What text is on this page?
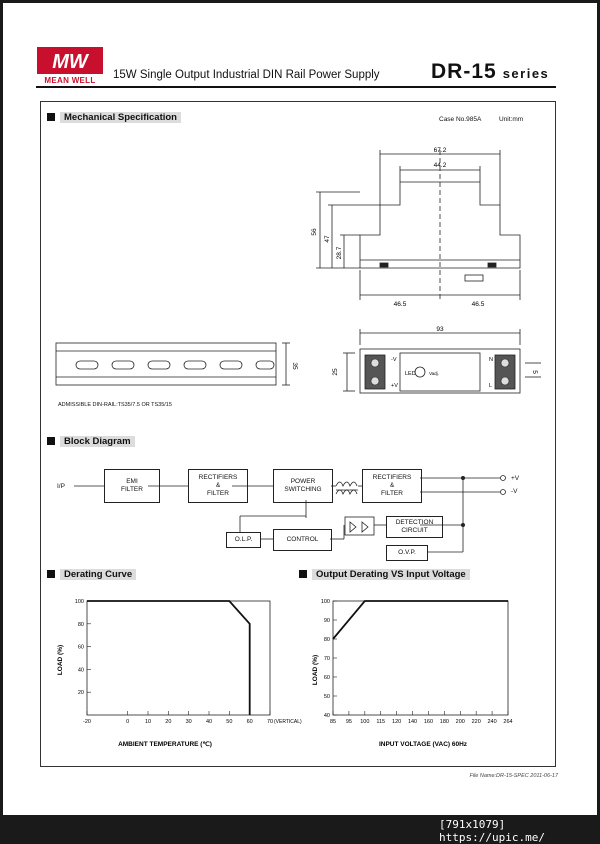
MW
MEAN WELL	15W Single Output Industrial DIN Rail Power Supply DR-15 series
Mechanical Specification	Case No.985A	Unit:mm
67.2
44.2
56
47
28.7
46.5	46.5
35
ADMISSIBLE DIN-RAIL:TS35/7.5 OR TS35/15
93
25	5
-V
+V
LED	Vadj.
N
L
Block Diagram
I/P
EMI
FILTER
RECTIFIERS
&
FILTER
POWER
SWITCHING
RECTIFIERS
&
FILTER
+V
-V
O.L.P.	CONTROL
DETECTION
CIRCUIT
O.V.P.
Derating Curve	Output Derating VS Input Voltage
20
40
60
80
100
-20	0	10	20	30	40	50	60	70 (VERTICAL)
LOAD (%)
AMBIENT TEMPERATURE (℃)
40
50
60
70
80
90
100
85 95 100 115 120 140 160 180 200 220 240 264
LOAD (%)
INPUT VOLTAGE (VAC) 60Hz
File Name:DR-15-SPEC 2011-06-17
[791x1079] https://upic.me/
